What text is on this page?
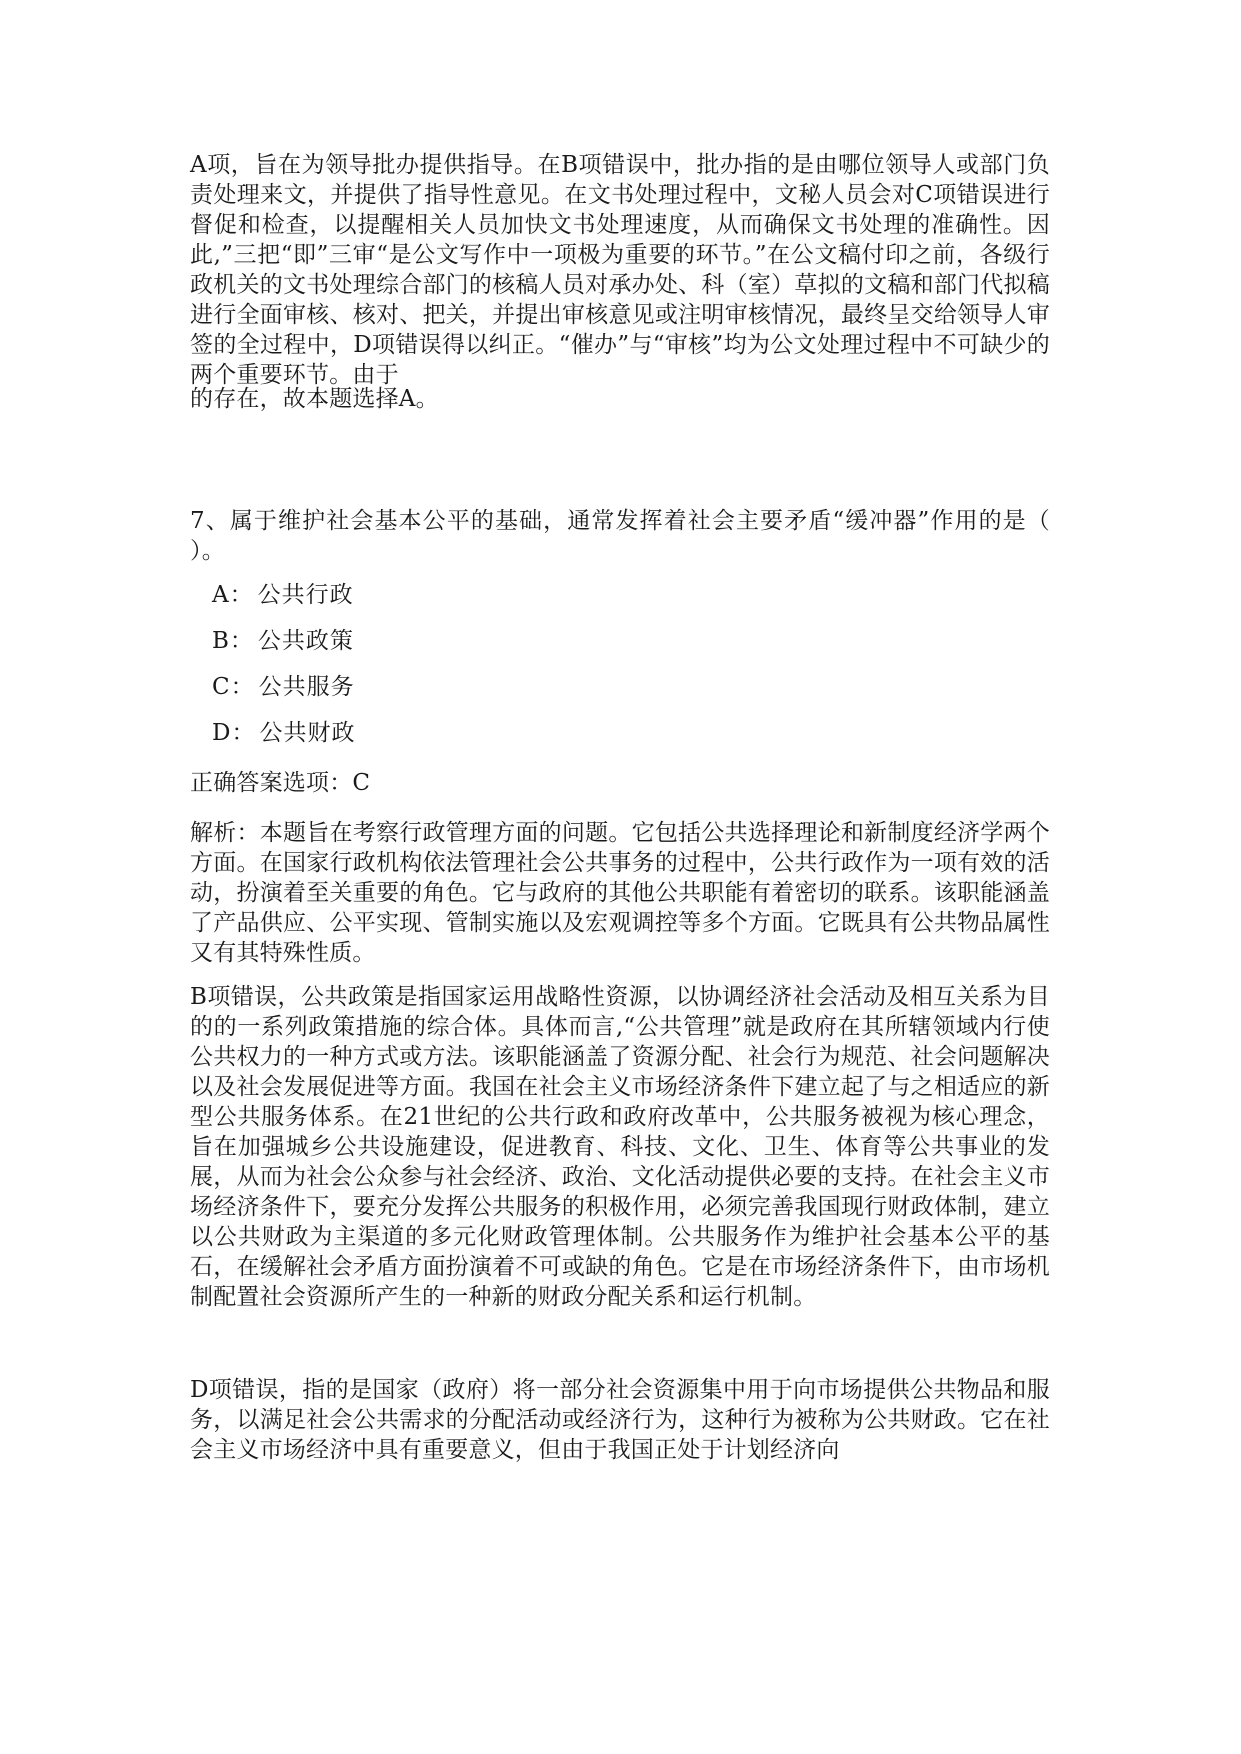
A项，旨在为领导批办提供指导。在B项错误中，批办指的是由哪位领导人或部门负责处理来文，并提供了指导性意见。在文书处理过程中，文秘人员会对C项错误进行督促和检查，以提醒相关人员加快文书处理速度，从而确保文书处理的准确性。因此,”三把“即”三审“是公文写作中一项极为重要的环节。”在公文稿付印之前，各级行政机关的文书处理综合部门的核稿人员对承办处、科（室）草拟的文稿和部门代拟稿进行全面审核、核对、把关，并提出审核意见或注明审核情况，最终呈交给领导人审签的全过程中，D项错误得以纠正。“催办”与“审核”均为公文处理过程中不可缺少的两个重要环节。由于

的存在，故本题选择A。

7、属于维护社会基本公平的基础，通常发挥着社会主要矛盾“缓冲器”作用的是（ ）。

A： 公共行政
B： 公共政策
C： 公共服务
D： 公共财政

正确答案选项：C

解析：本题旨在考察行政管理方面的问题。它包括公共选择理论和新制度经济学两个方面。在国家行政机构依法管理社会公共事务的过程中，公共行政作为一项有效的活动，扮演着至关重要的角色。它与政府的其他公共职能有着密切的联系。该职能涵盖了产品供应、公平实现、管制实施以及宏观调控等多个方面。它既具有公共物品属性又有其特殊性质。

B项错误，公共政策是指国家运用战略性资源，以协调经济社会活动及相互关系为目的的一系列政策措施的综合体。具体而言,“公共管理”就是政府在其所辖领域内行使公共权力的一种方式或方法。该职能涵盖了资源分配、社会行为规范、社会问题解决以及社会发展促进等方面。我国在社会主义市场经济条件下建立起了与之相适应的新型公共服务体系。在21世纪的公共行政和政府改革中，公共服务被视为核心理念，旨在加强城乡公共设施建设，促进教育、科技、文化、卫生、体育等公共事业的发展，从而为社会公众参与社会经济、政治、文化活动提供必要的支持。在社会主义市场经济条件下，要充分发挥公共服务的积极作用，必须完善我国现行财政体制，建立以公共财政为主渠道的多元化财政管理体制。公共服务作为维护社会基本公平的基石，在缓解社会矛盾方面扮演着不可或缺的角色。它是在市场经济条件下，由市场机制配置社会资源所产生的一种新的财政分配关系和运行机制。

D项错误，指的是国家（政府）将一部分社会资源集中用于向市场提供公共物品和服务，以满足社会公共需求的分配活动或经济行为，这种行为被称为公共财政。它在社会主义市场经济中具有重要意义，但由于我国正处于计划经济向
